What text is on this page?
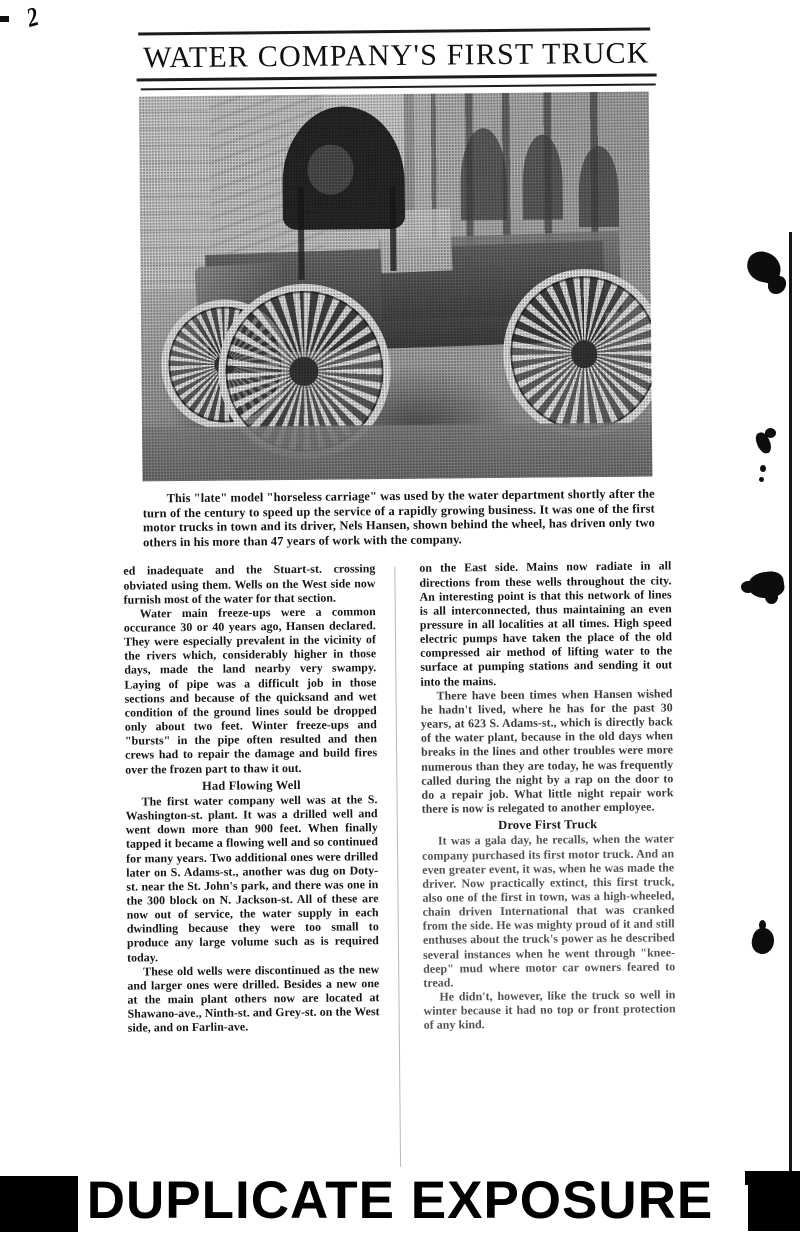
2
WATER COMPANY'S FIRST TRUCK
This "late" model "horseless carriage" was used by the water department shortly after the turn of the century to speed up the service of a rapidly growing business. It was one of the first motor trucks in town and its driver, Nels Hansen, shown behind the wheel, has driven only two others in his more than 47 years of work with the company.

ed inadequate and the Stuart-st. crossing obviated using them. Wells on the West side now furnish most of the water for that section.

Water main freeze-ups were a common occurance 30 or 40 years ago, Hansen declared. They were especially prevalent in the vicinity of the rivers which, considerably higher in those days, made the land nearby very swampy. Laying of pipe was a difficult job in those sections and because of the quicksand and wet condition of the ground lines sould be dropped only about two feet. Winter freeze-ups and "bursts" in the pipe often resulted and then crews had to repair the damage and build fires over the frozen part to thaw it out.

Had Flowing Well

The first water company well was at the S. Washington-st. plant. It was a drilled well and went down more than 900 feet. When finally tapped it became a flowing well and so continued for many years. Two additional ones were drilled later on S. Adams-st., another was dug on Doty-st. near the St. John's park, and there was one in the 300 block on N. Jackson-st. All of these are now out of service, the water supply in each dwindling because they were too small to produce any large volume such as is required today.

These old wells were discontinued as the new and larger ones were drilled. Besides a new one at the main plant others now are located at Shawano-ave., Ninth-st. and Grey-st. on the West side, and on Farlin-ave.

on the East side. Mains now radiate in all directions from these wells throughout the city. An interesting point is that this network of lines is all interconnected, thus maintaining an even pressure in all localities at all times. High speed electric pumps have taken the place of the old compressed air method of lifting water to the surface at pumping stations and sending it out into the mains.

There have been times when Hansen wished he hadn't lived, where he has for the past 30 years, at 623 S. Adams-st., which is directly back of the water plant, because in the old days when breaks in the lines and other troubles were more numerous than they are today, he was frequently called during the night by a rap on the door to do a repair job. What little night repair work there is now is relegated to another employee.

Drove First Truck

It was a gala day, he recalls, when the water company purchased its first motor truck. And an even greater event, it was, when he was made the driver. Now practically extinct, this first truck, also one of the first in town, was a high-wheeled, chain driven International that was cranked from the side. He was mighty proud of it and still enthuses about the truck's power as he described several instances when he went through "knee-deep" mud where motor car owners feared to tread.

He didn't, however, like the truck so well in winter because it had no top or front protection of any kind.

DUPLICATE EXPOSURE
